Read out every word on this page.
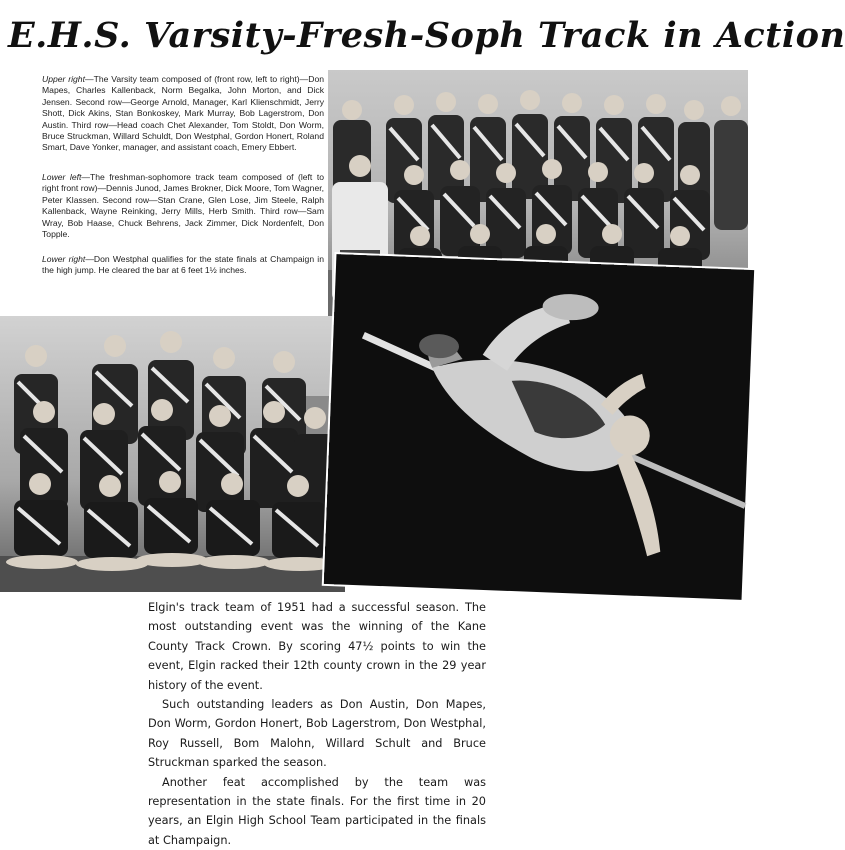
E.H.S. Varsity-Fresh-Soph Track in Action

Upper right—The Varsity team composed of (front row, left to right)—Don Mapes, Charles Kallenback, Norm Begalka, John Morton, and Dick Jensen. Second row—George Arnold, Manager, Karl Klienschmidt, Jerry Shott, Dick Akins, Stan Bonkoskey, Mark Murray, Bob Lagerstrom, Don Austin. Third row—Head coach Chet Alexander, Tom Stoldt, Don Worm, Bruce Struckman, Willard Schuldt, Don Westphal, Gordon Honert, Roland Smart, Dave Yonker, manager, and assistant coach, Emery Ebbert.

Lower left—The freshman-sophomore track team composed of (left to right front row)—Dennis Junod, James Brokner, Dick Moore, Tom Wagner, Peter Klassen. Second row—Stan Crane, Glen Lose, Jim Steele, Ralph Kallenback, Wayne Reinking, Jerry Mills, Herb Smith. Third row—Sam Wray, Bob Haase, Chuck Behrens, Jack Zimmer, Dick Nordenfelt, Don Topple.

Lower right—Don Westphal qualifies for the state finals at Champaign in the high jump. He cleared the bar at 6 feet 1½ inches.

Elgin's track team of 1951 had a successful season. The most outstanding event was the winning of the Kane County Track Crown. By scoring 47½ points to win the event, Elgin racked their 12th county crown in the 29 year history of the event.

Such outstanding leaders as Don Austin, Don Mapes, Don Worm, Gordon Honert, Bob Lagerstrom, Don Westphal, Roy Russell, Bom Malohn, Willard Schult and Bruce Struckman sparked the season.

Another feat accomplished by the team was representation in the state finals. For the first time in 20 years, an Elgin High School Team participated in the finals at Champaign.
